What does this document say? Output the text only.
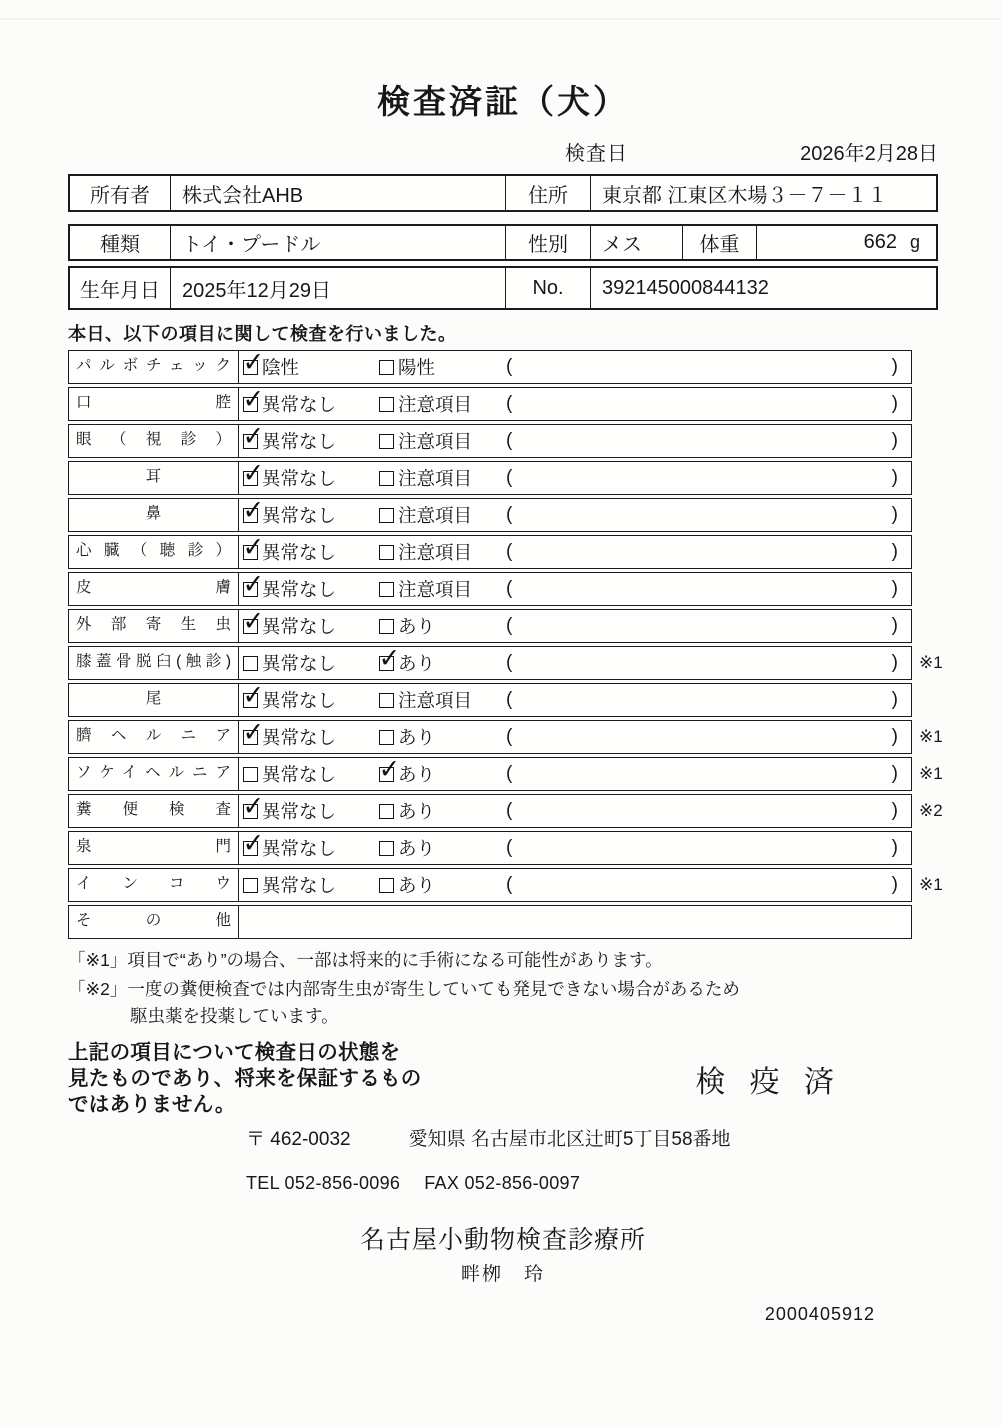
検査済証（犬）
検査日	2026年2月28日
所有者	株式会社AHB	住所	東京都 江東区木場３－７－１１
種類	トイ・プードル	性別	メス	体重	662 g
生年月日	2025年12月29日	No.	392145000844132
本日、以下の項目に関して検査を行いました。
パルボチェック ✓	陰性	陽性	(	)
口腔 ✓	異常なし	注意項目 (	)
眼（視診） ✓	異常なし	注意項目 (	)
耳 ✓	異常なし	注意項目 (	)
鼻 ✓	異常なし	注意項目 (	)
心臓（聴診） ✓	異常なし	注意項目 (	)
皮膚 ✓	異常なし	注意項目 (	)
外部寄生虫 ✓	異常なし	あり	(	)
膝蓋骨脱臼(触診)	異常なし ✓	あり	(	)	※1
尾 ✓	異常なし	注意項目 (	)
臍ヘルニア ✓	異常なし	あり	(	)	※1
ソケイヘルニア	異常なし ✓	あり	(	)	※1
糞便検査 ✓	異常なし	あり	(	)	※2
泉門 ✓	異常なし	あり	(	)
インコウ	異常なし	あり	(	)	※1
その他
「※1」項目で“あり”の場合、一部は将来的に手術になる可能性があります。
「※2」一度の糞便検査では内部寄生虫が寄生していても発見できない場合があるため
駆虫薬を投薬しています。
上記の項目について検査日の状態を
見たものであり、将来を保証するもの
ではありません。
検 疫 済
〒 462-0032	愛知県 名古屋市北区辻町5丁目58番地
TEL 052-856-0096 FAX 052-856-0097
名古屋小動物検査診療所
畔栁　玲
2000405912
